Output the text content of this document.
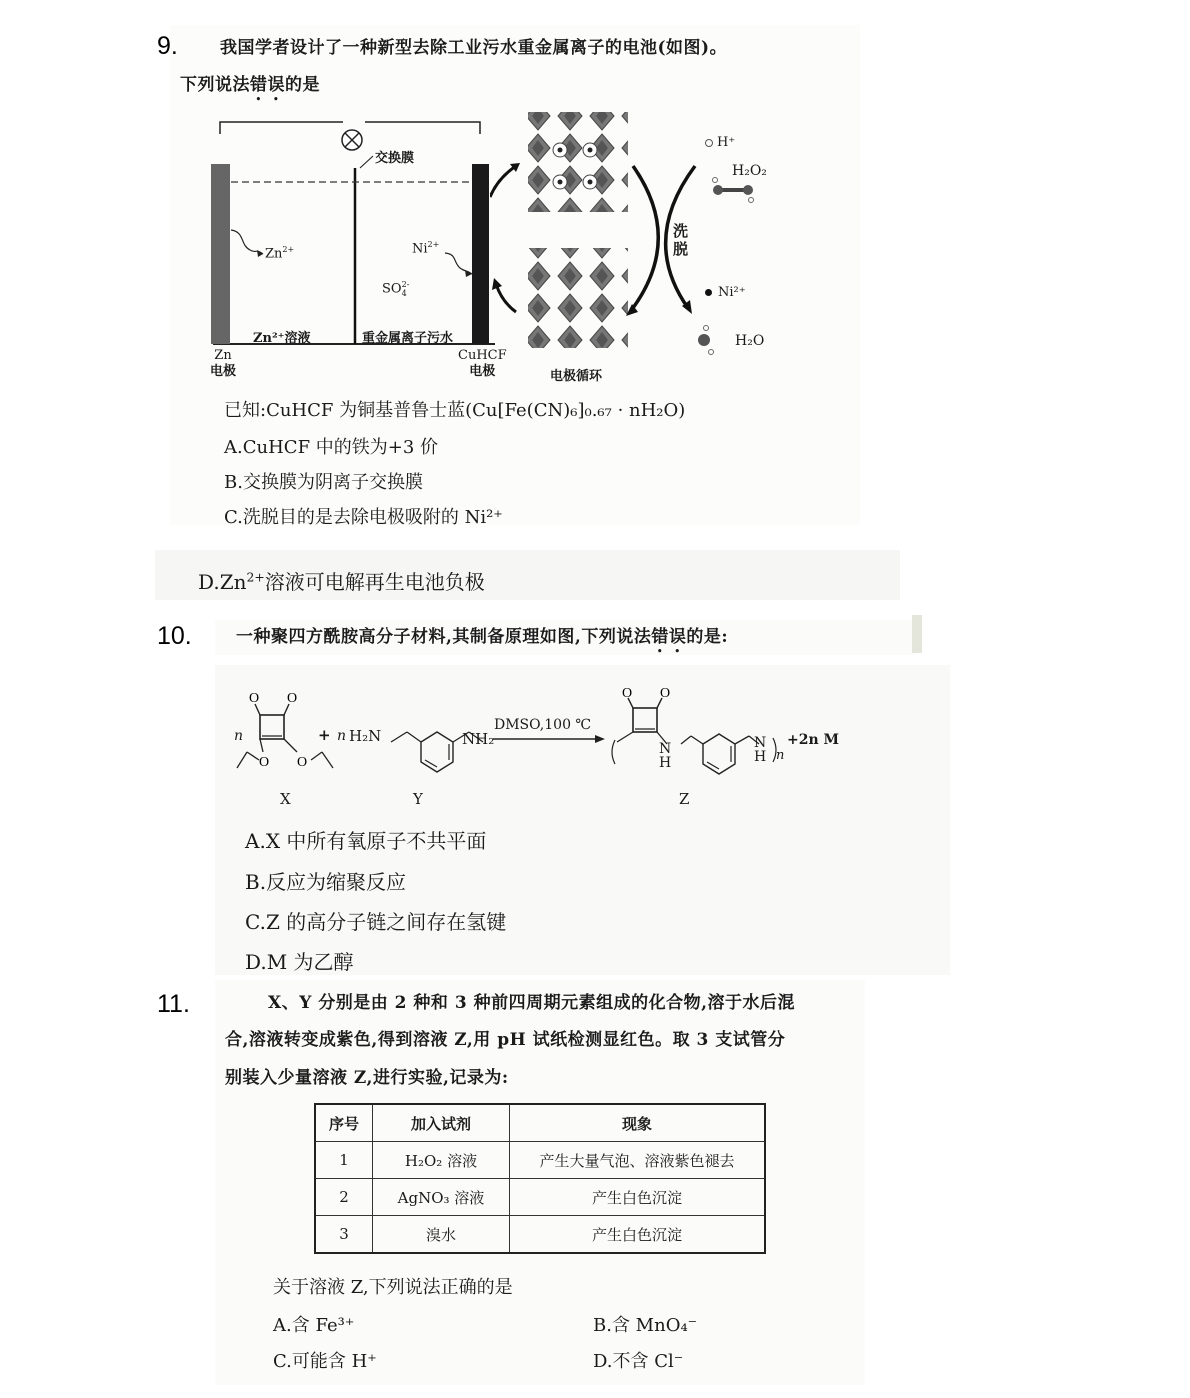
9. 我国学者设计了一种新型去除工业污水重金属离子的电池(如图)。
下列说法错误的是
交换膜
$Zn^{2+}$	$Ni^{2+}$
SO 2-
4
Zn²⁺溶液	重金属离子污水
Zn
电极
CuHCF
电极
洗
脱
电极循环
H⁺
H₂O₂
Ni²⁺
H₂O
已知:CuHCF 为铜基普鲁士蓝(Cu[Fe(CN)₆]₀.₆₇ · nH₂O)
A.CuHCF 中的铁为+3 价
B.交换膜为阴离子交换膜
C.洗脱目的是去除电极吸附的 Ni²⁺
$D.Zn^{2+}$溶液可电解再生电池负极
10.	一种聚四方酰胺高分子材料,其制备原理如图,下列说法错误的是:
O O
O O
O O
n	+ n H₂N	NH₂
DMSO,100 ℃
N
H
N
H n
+2n M
X	Y	Z
A.X 中所有氧原子不共平面
B.反应为缩聚反应
C.Z 的高分子链之间存在氢键
D.M 为乙醇
11.	X、Y 分别是由 2 种和 3 种前四周期元素组成的化合物,溶于水后混
合,溶液转变成紫色,得到溶液 Z,用 pH 试纸检测显红色。取 3 支试管分
别装入少量溶液 Z,进行实验,记录为:
序号	加入试剂	现象
1	H₂O₂ 溶液	产生大量气泡、溶液紫色褪去
2	AgNO₃ 溶液	产生白色沉淀
3	溴水	产生白色沉淀
关于溶液 Z,下列说法正确的是
A.含 Fe³⁺	B.含 MnO₄⁻
C.可能含 H⁺	D.不含 Cl⁻
